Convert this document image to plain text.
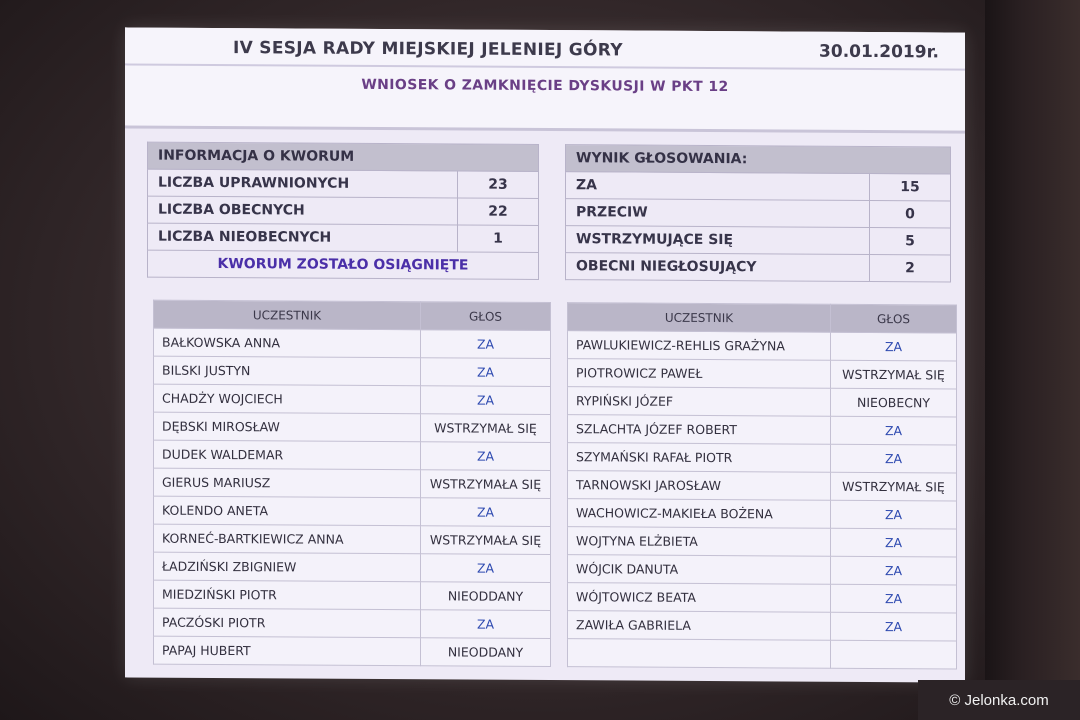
IV SESJA RADY MIEJSKIEJ JELENIEJ GÓRY	30.01.2019r.
WNIOSEK O ZAMKNIĘCIE DYSKUSJI W PKT 12
INFORMACJA O KWORUM	
LICZBA UPRAWNIONYCH	23
LICZBA OBECNYCH	22
LICZBA NIEOBECNYCH	1
KWORUM ZOSTAŁO OSIĄGNIĘTE	
WYNIK GŁOSOWANIA:	
ZA	15
PRZECIW	0
WSTRZYMUJĄCE SIĘ	5
OBECNI NIEGŁOSUJĄCY	2
UCZESTNIK	GŁOS
BAŁKOWSKA ANNA	ZA
BILSKI JUSTYN	ZA
CHADŻY WOJCIECH	ZA
DĘBSKI MIROSŁAW	WSTRZYMAŁ SIĘ
DUDEK WALDEMAR	ZA
GIERUS MARIUSZ	WSTRZYMAŁA SIĘ
KOLENDO ANETA	ZA
KORNEĆ-BARTKIEWICZ ANNA	WSTRZYMAŁA SIĘ
ŁADZIŃSKI ZBIGNIEW	ZA
MIEDZIŃSKI PIOTR	NIEODDANY
PACZÓSKI PIOTR	ZA
PAPAJ HUBERT	NIEODDANY
UCZESTNIK	GŁOS
PAWLUKIEWICZ-REHLIS GRAŻYNA	ZA
PIOTROWICZ PAWEŁ	WSTRZYMAŁ SIĘ
RYPIŃSKI JÓZEF	NIEOBECNY
SZLACHTA JÓZEF ROBERT	ZA
SZYMAŃSKI RAFAŁ PIOTR	ZA
TARNOWSKI JAROSŁAW	WSTRZYMAŁ SIĘ
WACHOWICZ-MAKIEŁA BOŻENA	ZA
WOJTYNA ELŻBIETA	ZA
WÓJCIK DANUTA	ZA
WÓJTOWICZ BEATA	ZA
ZAWIŁA GABRIELA	ZA

© Jelonka.com
